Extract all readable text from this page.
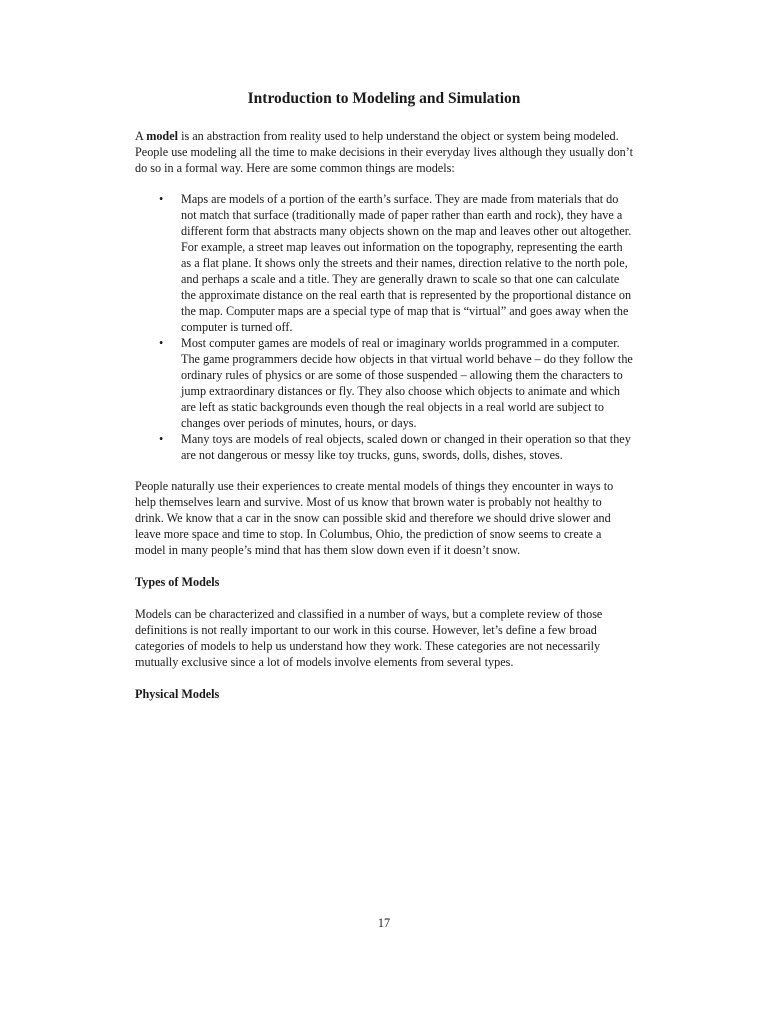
Introduction to Modeling and Simulation

A model is an abstraction from reality used to help understand the object or system being modeled. People use modeling all the time to make decisions in their everyday lives although they usually don’t do so in a formal way. Here are some common things are models:

• Maps are models of a portion of the earth’s surface. They are made from materials that do not match that surface (traditionally made of paper rather than earth and rock), they have a different form that abstracts many objects shown on the map and leaves other out altogether. For example, a street map leaves out information on the topography, representing the earth as a flat plane. It shows only the streets and their names, direction relative to the north pole, and perhaps a scale and a title. They are generally drawn to scale so that one can calculate the approximate distance on the real earth that is represented by the proportional distance on the map. Computer maps are a special type of map that is “virtual” and goes away when the computer is turned off.
• Most computer games are models of real or imaginary worlds programmed in a computer. The game programmers decide how objects in that virtual world behave – do they follow the ordinary rules of physics or are some of those suspended – allowing them the characters to jump extraordinary distances or fly. They also choose which objects to animate and which are left as static backgrounds even though the real objects in a real world are subject to changes over periods of minutes, hours, or days.
• Many toys are models of real objects, scaled down or changed in their operation so that they are not dangerous or messy like toy trucks, guns, swords, dolls, dishes, stoves.

People naturally use their experiences to create mental models of things they encounter in ways to help themselves learn and survive. Most of us know that brown water is probably not healthy to drink. We know that a car in the snow can possible skid and therefore we should drive slower and leave more space and time to stop. In Columbus, Ohio, the prediction of snow seems to create a model in many people’s mind that has them slow down even if it doesn’t snow.

Types of Models

Models can be characterized and classified in a number of ways, but a complete review of those definitions is not really important to our work in this course. However, let’s define a few broad categories of models to help us understand how they work. These categories are not necessarily mutually exclusive since a lot of models involve elements from several types.

Physical Models
17
